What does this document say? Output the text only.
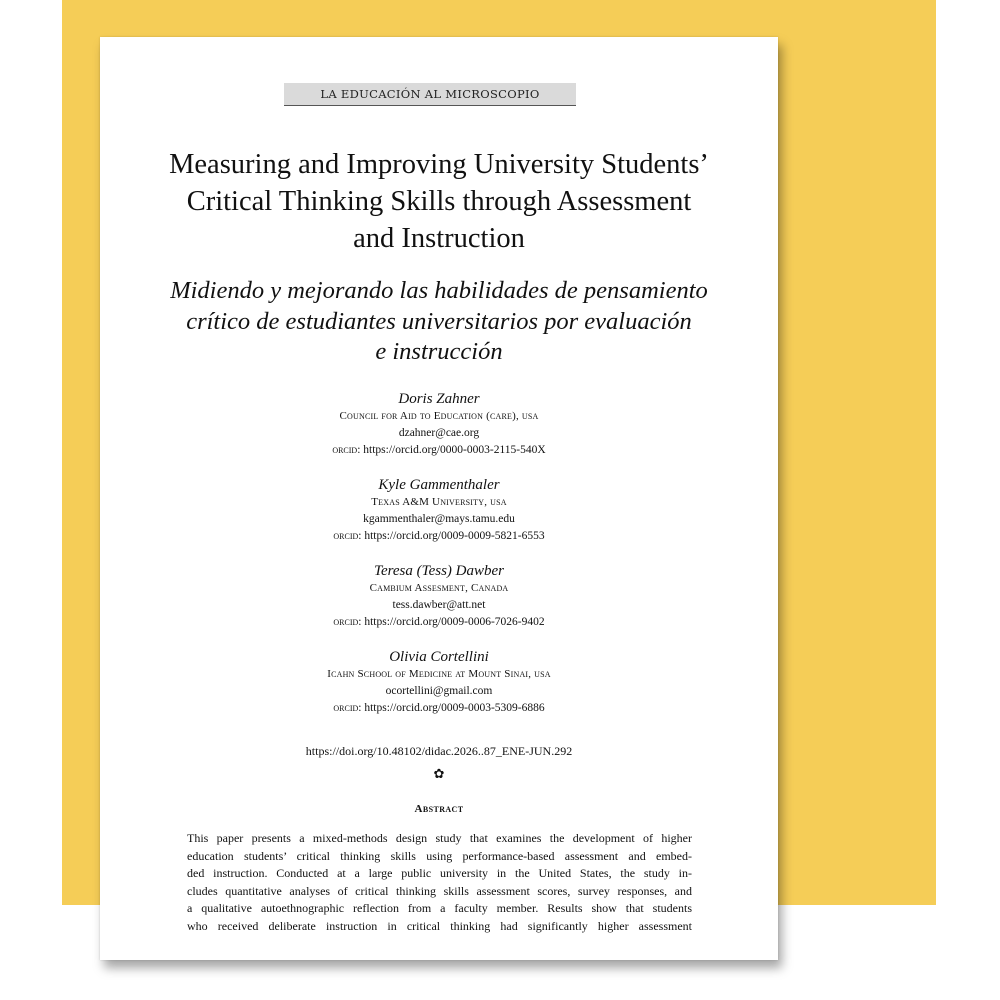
LA EDUCACIÓN AL MICROSCOPIO
Measuring and Improving University Students’
Critical Thinking Skills through Assessment
and Instruction
Midiendo y mejorando las habilidades de pensamiento
crítico de estudiantes universitarios por evaluación
e instrucción
Doris Zahner
Council for Aid to Education (care), usa
dzahner@cae.org
orcid: https://orcid.org/0000-0003-2115-540X
Kyle Gammenthaler
Texas A&M University, usa
kgammenthaler@mays.tamu.edu
orcid: https://orcid.org/0009-0009-5821-6553
Teresa (Tess) Dawber
Cambium Assesment, Canada
tess.dawber@att.net
orcid: https://orcid.org/0009-0006-7026-9402
Olivia Cortellini
Icahn School of Medicine at Mount Sinai, usa
ocortellini@gmail.com
orcid: https://orcid.org/0009-0003-5309-6886
https://doi.org/10.48102/didac.2026..87_ENE-JUN.292
✿
Abstract
This paper presents a mixed-methods design study that examines the development of higher
education students’ critical thinking skills using performance-based assessment and embed-
ded instruction. Conducted at a large public university in the United States, the study in-
cludes quantitative analyses of critical thinking skills assessment scores, survey responses, and
a qualitative autoethnographic reflection from a faculty member. Results show that students
who received deliberate instruction in critical thinking had significantly higher assessment
